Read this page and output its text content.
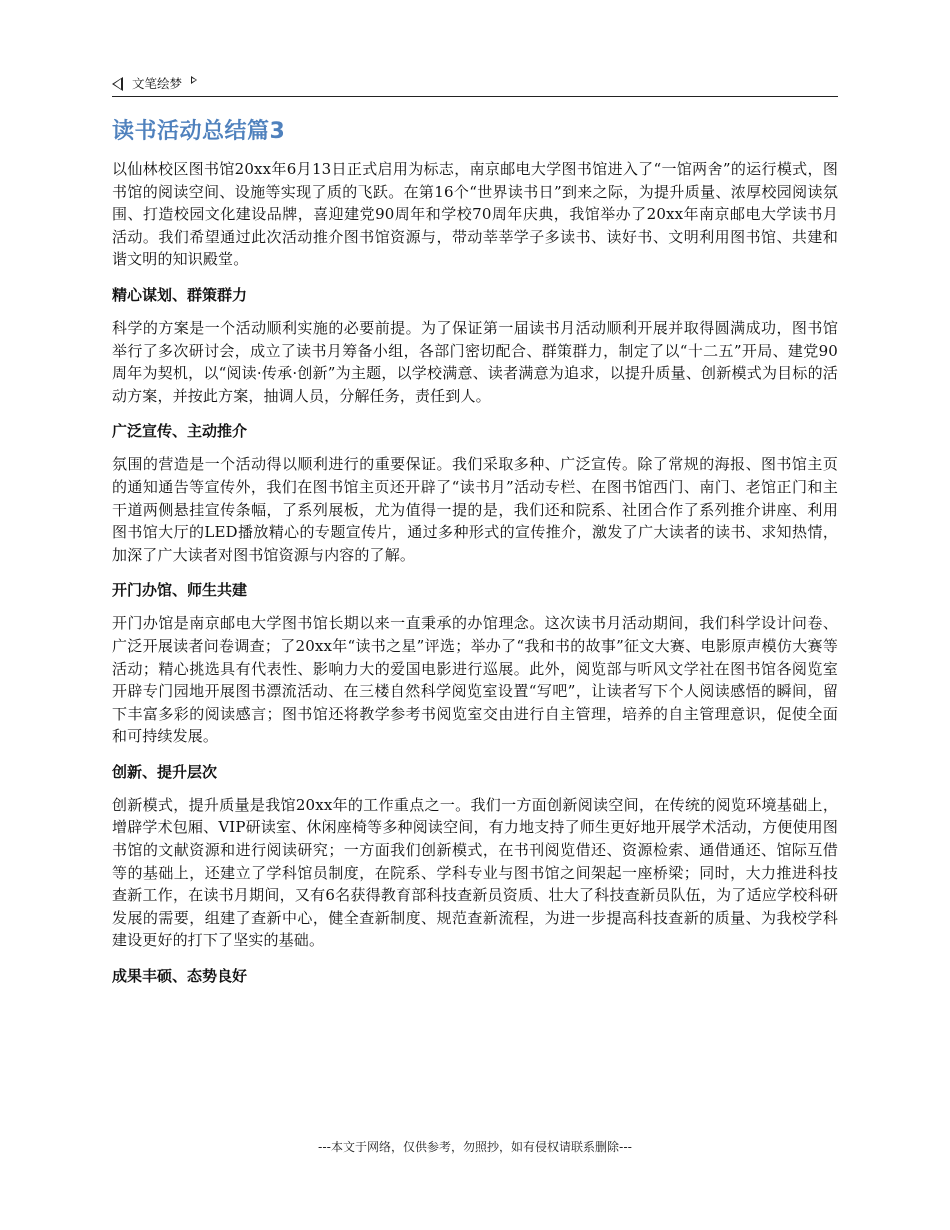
文笔绘梦
读书活动总结篇3

以仙林校区图书馆20xx年6月13日正式启用为标志，南京邮电大学图书馆进入了“一馆两舍”的运行模式，图书馆的阅读空间、设施等实现了质的飞跃。在第16个“世界读书日”到来之际，为提升质量、浓厚校园阅读氛围、打造校园文化建设品牌，喜迎建党90周年和学校70周年庆典，我馆举办了20xx年南京邮电大学读书月活动。我们希望通过此次活动推介图书馆资源与，带动莘莘学子多读书、读好书、文明利用图书馆、共建和谐文明的知识殿堂。

精心谋划、群策群力

科学的方案是一个活动顺利实施的必要前提。为了保证第一届读书月活动顺利开展并取得圆满成功，图书馆举行了多次研讨会，成立了读书月筹备小组，各部门密切配合、群策群力，制定了以“十二五”开局、建党90周年为契机，以“阅读·传承·创新”为主题，以学校满意、读者满意为追求，以提升质量、创新模式为目标的活动方案，并按此方案，抽调人员，分解任务，责任到人。

广泛宣传、主动推介

氛围的营造是一个活动得以顺利进行的重要保证。我们采取多种、广泛宣传。除了常规的海报、图书馆主页的通知通告等宣传外，我们在图书馆主页还开辟了“读书月”活动专栏、在图书馆西门、南门、老馆正门和主干道两侧悬挂宣传条幅，了系列展板，尤为值得一提的是，我们还和院系、社团合作了系列推介讲座、利用图书馆大厅的LED播放精心的专题宣传片，通过多种形式的宣传推介，激发了广大读者的读书、求知热情，加深了广大读者对图书馆资源与内容的了解。

开门办馆、师生共建

开门办馆是南京邮电大学图书馆长期以来一直秉承的办馆理念。这次读书月活动期间，我们科学设计问卷、广泛开展读者问卷调查；了20xx年“读书之星”评选；举办了“我和书的故事”征文大赛、电影原声模仿大赛等活动；精心挑选具有代表性、影响力大的爱国电影进行巡展。此外，阅览部与听风文学社在图书馆各阅览室开辟专门园地开展图书漂流活动、在三楼自然科学阅览室设置“写吧”，让读者写下个人阅读感悟的瞬间，留下丰富多彩的阅读感言；图书馆还将教学参考书阅览室交由进行自主管理，培养的自主管理意识，促使全面和可持续发展。

创新、提升层次

创新模式，提升质量是我馆20xx年的工作重点之一。我们一方面创新阅读空间，在传统的阅览环境基础上，增辟学术包厢、VIP研读室、休闲座椅等多种阅读空间，有力地支持了师生更好地开展学术活动，方便使用图书馆的文献资源和进行阅读研究；一方面我们创新模式，在书刊阅览借还、资源检索、通借通还、馆际互借等的基础上，还建立了学科馆员制度，在院系、学科专业与图书馆之间架起一座桥梁；同时，大力推进科技查新工作，在读书月期间，又有6名获得教育部科技查新员资质、壮大了科技查新员队伍，为了适应学校科研发展的需要，组建了查新中心，健全查新制度、规范查新流程，为进一步提高科技查新的质量、为我校学科建设更好的打下了坚实的基础。

成果丰硕、态势良好
---本文于网络，仅供参考，勿照抄，如有侵权请联系删除---
